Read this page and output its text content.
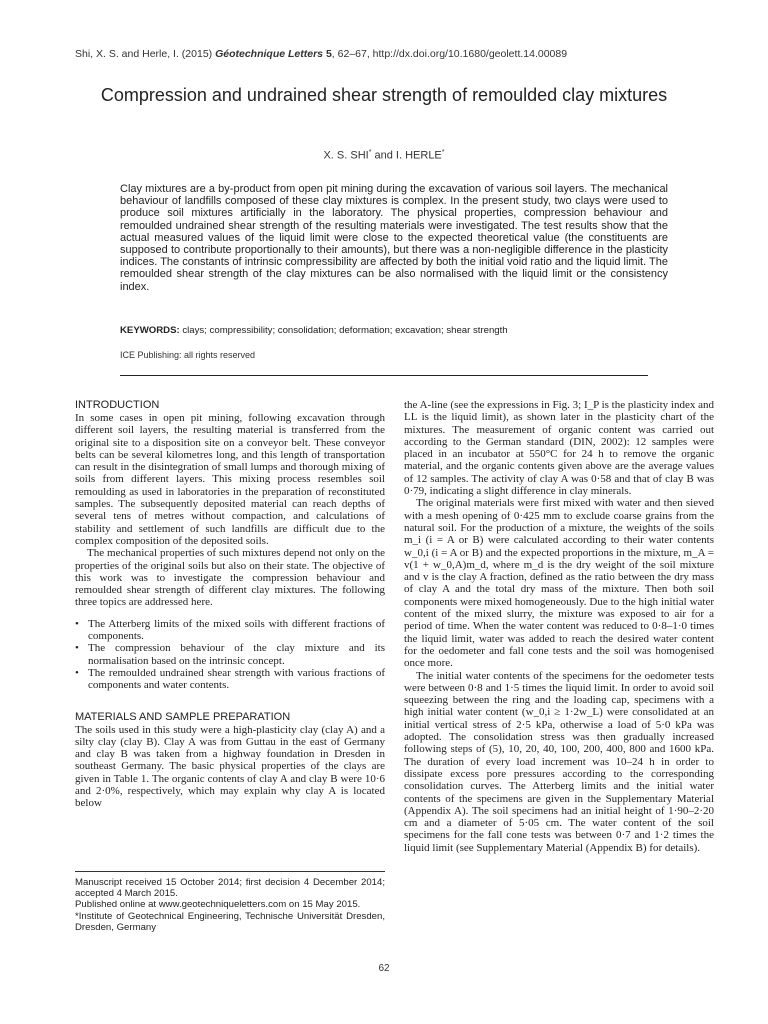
Shi, X. S. and Herle, I. (2015) Géotechnique Letters 5, 62–67, http://dx.doi.org/10.1680/geolett.14.00089
Compression and undrained shear strength of remoulded clay mixtures
X. S. SHI* and I. HERLE*

Clay mixtures are a by-product from open pit mining during the excavation of various soil layers. The mechanical behaviour of landfills composed of these clay mixtures is complex. In the present study, two clays were used to produce soil mixtures artificially in the laboratory. The physical properties, compression behaviour and remoulded undrained shear strength of the resulting materials were investigated. The test results show that the actual measured values of the liquid limit were close to the expected theoretical value (the constituents are supposed to contribute proportionally to their amounts), but there was a non-negligible difference in the plasticity indices. The constants of intrinsic compressibility are affected by both the initial void ratio and the liquid limit. The remoulded shear strength of the clay mixtures can be also normalised with the liquid limit or the consistency index.

KEYWORDS: clays; compressibility; consolidation; deformation; excavation; shear strength
ICE Publishing: all rights reserved
INTRODUCTION

In some cases in open pit mining, following excavation through different soil layers, the resulting material is transferred from the original site to a disposition site on a conveyor belt. These conveyor belts can be several kilometres long, and this length of transportation can result in the disintegration of small lumps and thorough mixing of soils from different layers. This mixing process resembles soil remoulding as used in laboratories in the preparation of reconstituted samples. The subsequently deposited material can reach depths of several tens of metres without compaction, and calculations of stability and settlement of such landfills are difficult due to the complex composition of the deposited soils.

The mechanical properties of such mixtures depend not only on the properties of the original soils but also on their state. The objective of this work was to investigate the compression behaviour and remoulded shear strength of different clay mixtures. The following three topics are addressed here.

• The Atterberg limits of the mixed soils with different fractions of components.
• The compression behaviour of the clay mixture and its normalisation based on the intrinsic concept.
• The remoulded undrained shear strength with various fractions of components and water contents.
MATERIALS AND SAMPLE PREPARATION

The soils used in this study were a high-plasticity clay (clay A) and a silty clay (clay B). Clay A was from Guttau in the east of Germany and clay B was taken from a highway foundation in Dresden in southeast Germany. The basic physical properties of the clays are given in Table 1. The organic contents of clay A and clay B were 10·6 and 2·0%, respectively, which may explain why clay A is located below

Manuscript received 15 October 2014; first decision 4 December 2014; accepted 4 March 2015.

Published online at www.geotechniqueletters.com on 15 May 2015.

*Institute of Geotechnical Engineering, Technische Universität Dresden, Dresden, Germany

the A-line (see the expressions in Fig. 3; I_P is the plasticity index and LL is the liquid limit), as shown later in the plasticity chart of the mixtures. The measurement of organic content was carried out according to the German standard (DIN, 2002): 12 samples were placed in an incubator at 550°C for 24 h to remove the organic material, and the organic contents given above are the average values of 12 samples. The activity of clay A was 0·58 and that of clay B was 0·79, indicating a slight difference in clay minerals.

The original materials were first mixed with water and then sieved with a mesh opening of 0·425 mm to exclude coarse grains from the natural soil. For the production of a mixture, the weights of the soils m_i (i = A or B) were calculated according to their water contents w_0,i (i = A or B) and the expected proportions in the mixture, m_A = v(1 + w_0,A)m_d, where m_d is the dry weight of the soil mixture and v is the clay A fraction, defined as the ratio between the dry mass of clay A and the total dry mass of the mixture. Then both soil components were mixed homogeneously. Due to the high initial water content of the mixed slurry, the mixture was exposed to air for a period of time. When the water content was reduced to 0·8–1·0 times the liquid limit, water was added to reach the desired water content for the oedometer and fall cone tests and the soil was homogenised once more.

The initial water contents of the specimens for the oedometer tests were between 0·8 and 1·5 times the liquid limit. In order to avoid soil squeezing between the ring and the loading cap, specimens with a high initial water content (w_0,i ≥ 1·2w_L) were consolidated at an initial vertical stress of 2·5 kPa, otherwise a load of 5·0 kPa was adopted. The consolidation stress was then gradually increased following steps of (5), 10, 20, 40, 100, 200, 400, 800 and 1600 kPa. The duration of every load increment was 10–24 h in order to dissipate excess pore pressures according to the corresponding consolidation curves. The Atterberg limits and the initial water contents of the specimens are given in the Supplementary Material (Appendix A). The soil specimens had an initial height of 1·90–2·20 cm and a diameter of 5·05 cm. The water content of the soil specimens for the fall cone tests was between 0·7 and 1·2 times the liquid limit (see Supplementary Material (Appendix B) for details).

62
